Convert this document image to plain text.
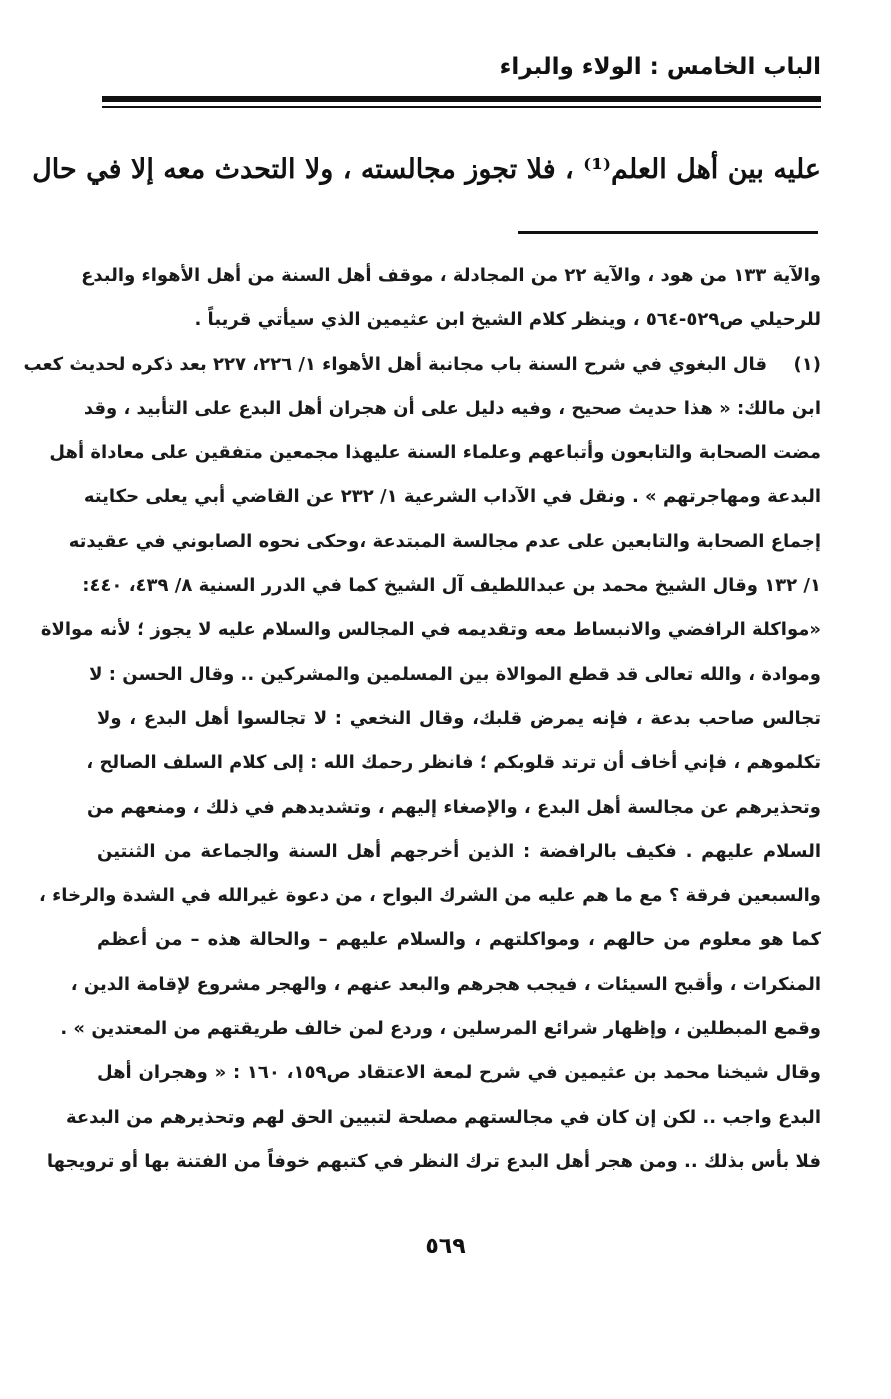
الباب الخامس : الولاء والبراء
عليه بين أهل العلم⁽¹⁾ ، فلا تجوز مجالسته ، ولا التحدث معه إلا في حال
والآية ١٣٣ من هود ، والآية ٢٢ من المجادلة ، موقف أهل السنة من أهل الأهواء والبدع
للرحيلي ص٥٢٩-٥٦٤ ، وينظر كلام الشيخ ابن عثيمين الذي سيأتي قريباً .
(١)
قال البغوي في شرح السنة باب مجانبة أهل الأهواء ١/ ٢٢٦، ٢٢٧ بعد ذكره لحديث كعب
ابن مالك: « هذا حديث صحيح ، وفيه دليل على أن هجران أهل البدع على التأبيد ، وقد
مضت الصحابة والتابعون وأتباعهم وعلماء السنة عليهذا مجمعين متفقين على معاداة أهل
البدعة ومهاجرتهم » . ونقل في الآداب الشرعية ١/ ٢٣٢ عن القاضي أبي يعلى حكايته
إجماع الصحابة والتابعين على عدم مجالسة المبتدعة ،وحكى نحوه الصابوني في عقيدته
١/ ١٣٢ وقال الشيخ محمد بن عبداللطيف آل الشيخ كما في الدرر السنية ٨/ ٤٣٩، ٤٤٠:
«مواكلة الرافضي والانبساط معه وتقديمه في المجالس والسلام عليه لا يجوز ؛ لأنه موالاة
وموادة ، والله تعالى قد قطع الموالاة بين المسلمين والمشركين .. وقال الحسن : لا
تجالس صاحب بدعة ، فإنه يمرض قلبك، وقال النخعي : لا تجالسوا أهل البدع ، ولا
تكلموهم ، فإني أخاف أن ترتد قلوبكم ؛ فانظر رحمك الله : إلى كلام السلف الصالح ،
وتحذيرهم عن مجالسة أهل البدع ، والإصغاء إليهم ، وتشديدهم في ذلك ، ومنعهم من
السلام عليهم . فكيف بالرافضة : الذين أخرجهم أهل السنة والجماعة من الثنتين
والسبعين فرقة ؟ مع ما هم عليه من الشرك البواح ، من دعوة غيرالله في الشدة والرخاء ،
كما هو معلوم من حالهم ، ومواكلتهم ، والسلام عليهم – والحالة هذه – من أعظم
المنكرات ، وأقبح السيئات ، فيجب هجرهم والبعد عنهم ، والهجر مشروع لإقامة الدين ،
وقمع المبطلين ، وإظهار شرائع المرسلين ، وردع لمن خالف طريقتهم من المعتدين » .
وقال شيخنا محمد بن عثيمين في شرح لمعة الاعتقاد ص١٥٩، ١٦٠ : « وهجران أهل
البدع واجب .. لكن إن كان في مجالستهم مصلحة لتبيين الحق لهم وتحذيرهم من البدعة
فلا بأس بذلك .. ومن هجر أهل البدع ترك النظر في كتبهم خوفاً من الفتنة بها أو ترويجها
٥٦٩
